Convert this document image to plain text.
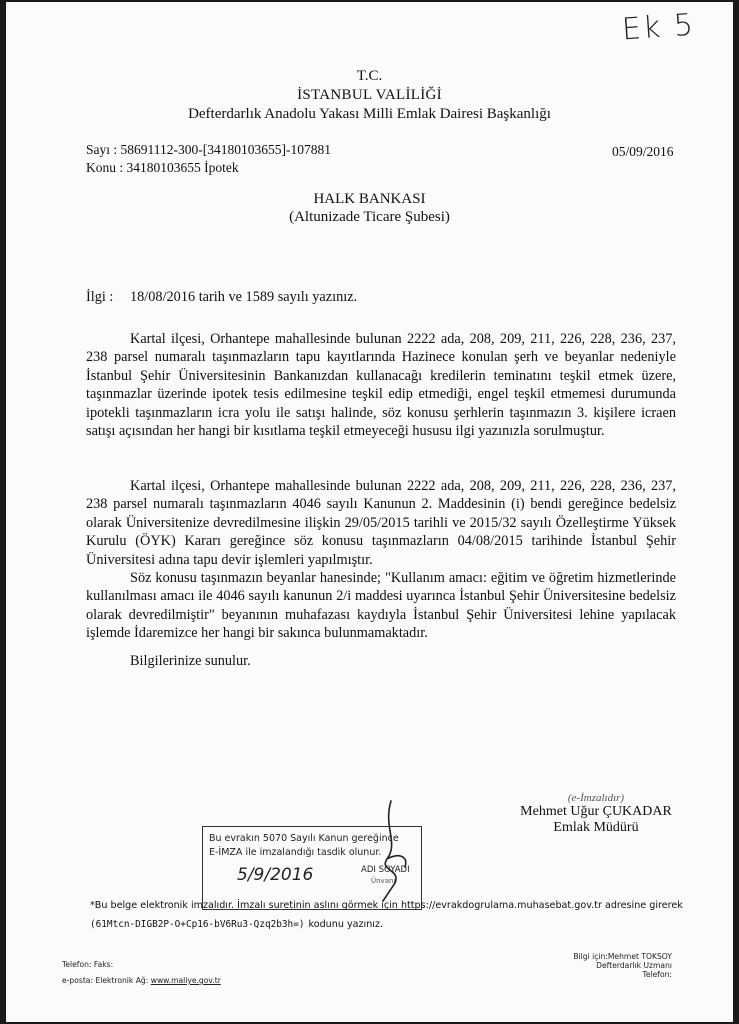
Ek 5
T.C.
İSTANBUL VALİLİĞİ
Defterdarlık Anadolu Yakası Milli Emlak Dairesi Başkanlığı
Sayı : 58691112-300-[34180103655]-107881
Konu : 34180103655 İpotek
05/09/2016
HALK BANKASI
(Altunizade Ticare Şubesi)
İlgi : 18/08/2016 tarih ve 1589 sayılı yazınız.

Kartal ilçesi, Orhantepe mahallesinde bulunan 2222 ada, 208, 209, 211, 226, 228, 236, 237, 238 parsel numaralı taşınmazların tapu kayıtlarında Hazinece konulan şerh ve beyanlar nedeniyle İstanbul Şehir Üniversitesinin Bankanızdan kullanacağı kredilerin teminatını teşkil etmek üzere, taşınmazlar üzerinde ipotek tesis edilmesine teşkil edip etmediği, engel teşkil etmemesi durumunda ipotekli taşınmazların icra yolu ile satışı halinde, söz konusu şerhlerin taşınmazın 3. kişilere icraen satışı açısından her hangi bir kısıtlama teşkil etmeyeceği hususu ilgi yazınızla sorulmuştur.

Kartal ilçesi, Orhantepe mahallesinde bulunan 2222 ada, 208, 209, 211, 226, 228, 236, 237, 238 parsel numaralı taşınmazların 4046 sayılı Kanunun 2. Maddesinin (i) bendi gereğince bedelsiz olarak Üniversitenize devredilmesine ilişkin 29/05/2015 tarihli ve 2015/32 sayılı Özelleştirme Yüksek Kurulu (ÖYK) Kararı gereğince söz konusu taşınmazların 04/08/2015 tarihinde İstanbul Şehir Üniversitesi adına tapu devir işlemleri yapılmıştır.

Söz konusu taşınmazın beyanlar hanesinde; "Kullanım amacı: eğitim ve öğretim hizmetlerinde kullanılması amacı ile 4046 sayılı kanunun 2/i maddesi uyarınca İstanbul Şehir Üniversitesine bedelsiz olarak devredilmiştir" beyanının muhafazası kaydıyla İstanbul Şehir Üniversitesi lehine yapılacak işlemde İdaremizce her hangi bir sakınca bulunmamaktadır.

Bilgilerinize sunulur.

(e-İmzalıdır)
Mehmet Uğur ÇUKADAR
Emlak Müdürü
Bu evrakın 5070 Sayılı Kanun gereğince
E-İMZA ile imzalandığı tasdik olunur.
5/9/2016	ADI SOYADI
Ünvanı
*Bu belge elektronik imzalıdır. İmzalı suretinin aslını görmek için https://evrakdogrulama.muhasebat.gov.tr adresine girerek
(61Mtcn-DIGB2P-O+Cp16-bV6Ru3-Qzq2b3h=) kodunu yazınız.
Telefon: Faks:
e-posta: Elektronik Ağ: www.maliye.gov.tr
Bilgi için:Mehmet TOKSOY
Defterdarlık Uzmanı
Telefon:
